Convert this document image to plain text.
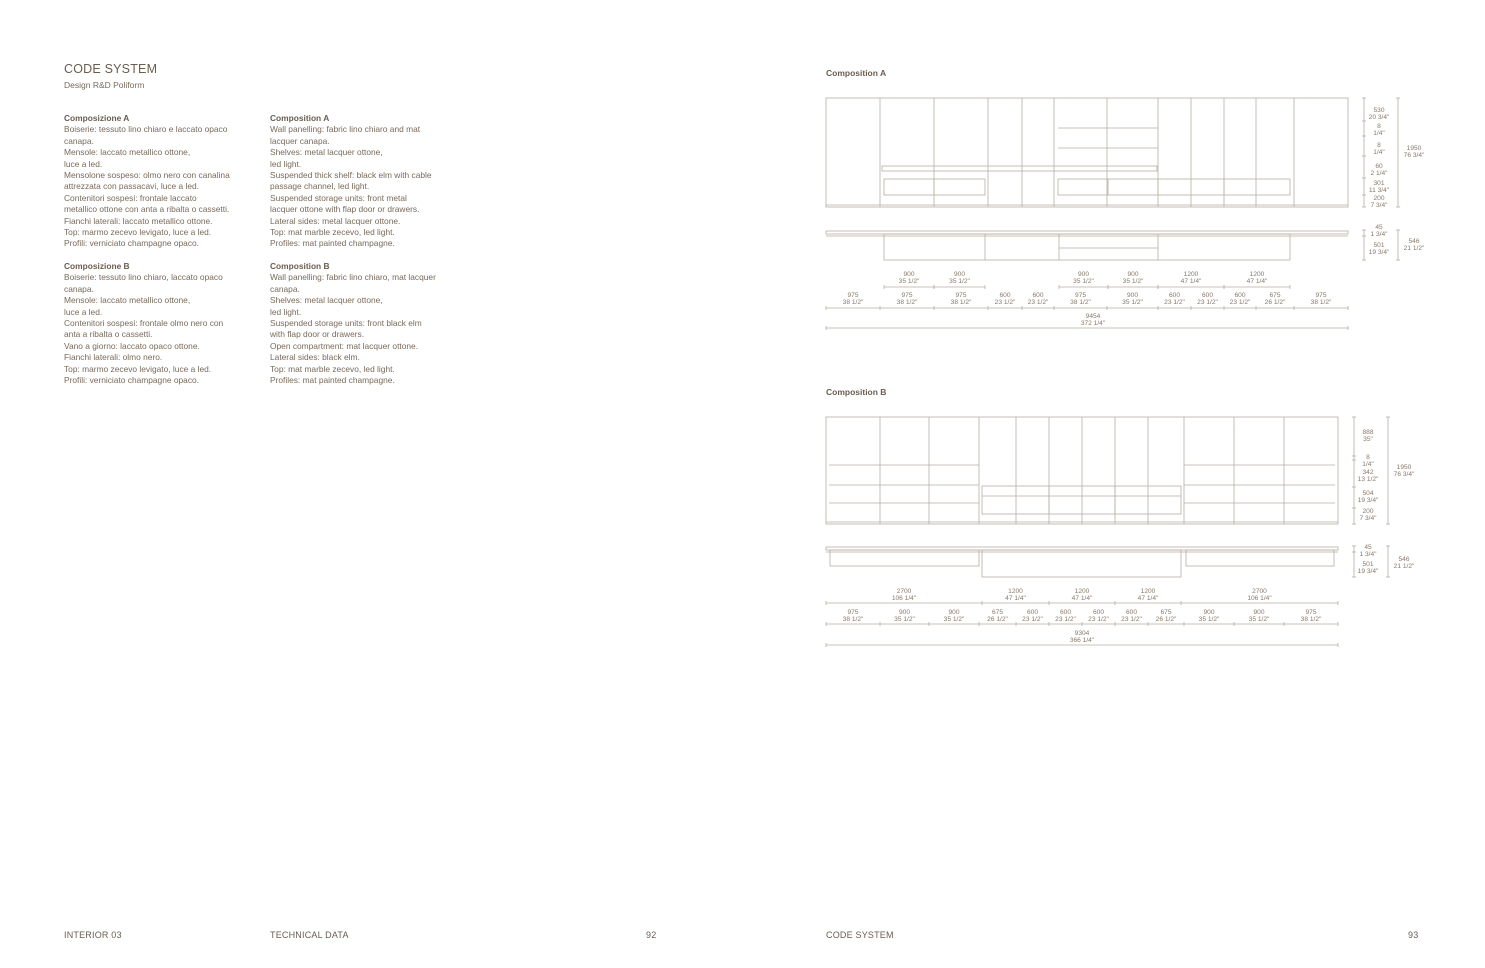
CODE SYSTEM
Design R&D Poliform
Composizione A
Boiserie: tessuto lino chiaro e laccato opaco
canapa.
Mensole: laccato metallico ottone,
luce a led.
Mensolone sospeso: olmo nero con canalina
attrezzata con passacavi, luce a led.
Contenitori sospesi: frontale laccato
metallico ottone con anta a ribalta o cassetti.
Fianchi laterali: laccato metallico ottone.
Top: marmo zecevo levigato, luce a led.
Profili: verniciato champagne opaco.
Composizione B
Boiserie: tessuto lino chiaro, laccato opaco
canapa.
Mensole: laccato metallico ottone,
luce a led.
Contenitori sospesi: frontale olmo nero con
anta a ribalta o cassetti.
Vano a giorno: laccato opaco ottone.
Fianchi laterali: olmo nero.
Top: marmo zecevo levigato, luce a led.
Profili: verniciato champagne opaco.
Composition A
Wall panelling: fabric lino chiaro and mat
lacquer canapa.
Shelves: metal lacquer ottone,
led light.
Suspended thick shelf: black elm with cable
passage channel, led light.
Suspended storage units: front metal
lacquer ottone with flap door or drawers.
Lateral sides: metal lacquer ottone.
Top: mat marble zecevo, led light.
Profiles: mat painted champagne.
Composition B
Wall panelling: fabric lino chiaro, mat lacquer
canapa.
Shelves: metal lacquer ottone,
led light.
Suspended storage units: front black elm
with flap door or drawers.
Open compartment: mat lacquer ottone.
Lateral sides: black elm.
Top: mat marble zecevo, led light.
Profiles: mat painted champagne.
Composition A
Composition B
530
20 3/4"
8
1/4"
8
1/4"
60
2 1/4"
301
11 3/4"
200
7 3/4"
1950
76 3/4"
45
1 3/4"
501
19 3/4"
546
21 1/2"
900
35 1/2"
900
35 1/2"
900
35 1/2"
900
35 1/2"
1200
47 1/4"
1200
47 1/4"
975
38 1/2"
975
38 1/2"
975
38 1/2"
600
23 1/2"
600
23 1/2"
975
38 1/2"
900
35 1/2"
600
23 1/2"
600
23 1/2"
600
23 1/2"
675
26 1/2"
975
38 1/2"
9454
372 1/4"
888
35"
8
1/4"
342
13 1/2"
504
19 3/4"
200
7 3/4"
1950
76 3/4"
45
1 3/4"
501
19 3/4"
546
21 1/2"
2700
106 1/4"
1200
47 1/4"
1200
47 1/4"
1200
47 1/4"
2700
106 1/4"
975
38 1/2"
900
35 1/2"
900
35 1/2"
675
26 1/2"
600
23 1/2"
600
23 1/2"
600
23 1/2"
600
23 1/2"
675
26 1/2"
900
35 1/2"
900
35 1/2"
975
38 1/2"
9304
366 1/4"
INTERIOR 03	TECHNICAL DATA	92	CODE SYSTEM	93
